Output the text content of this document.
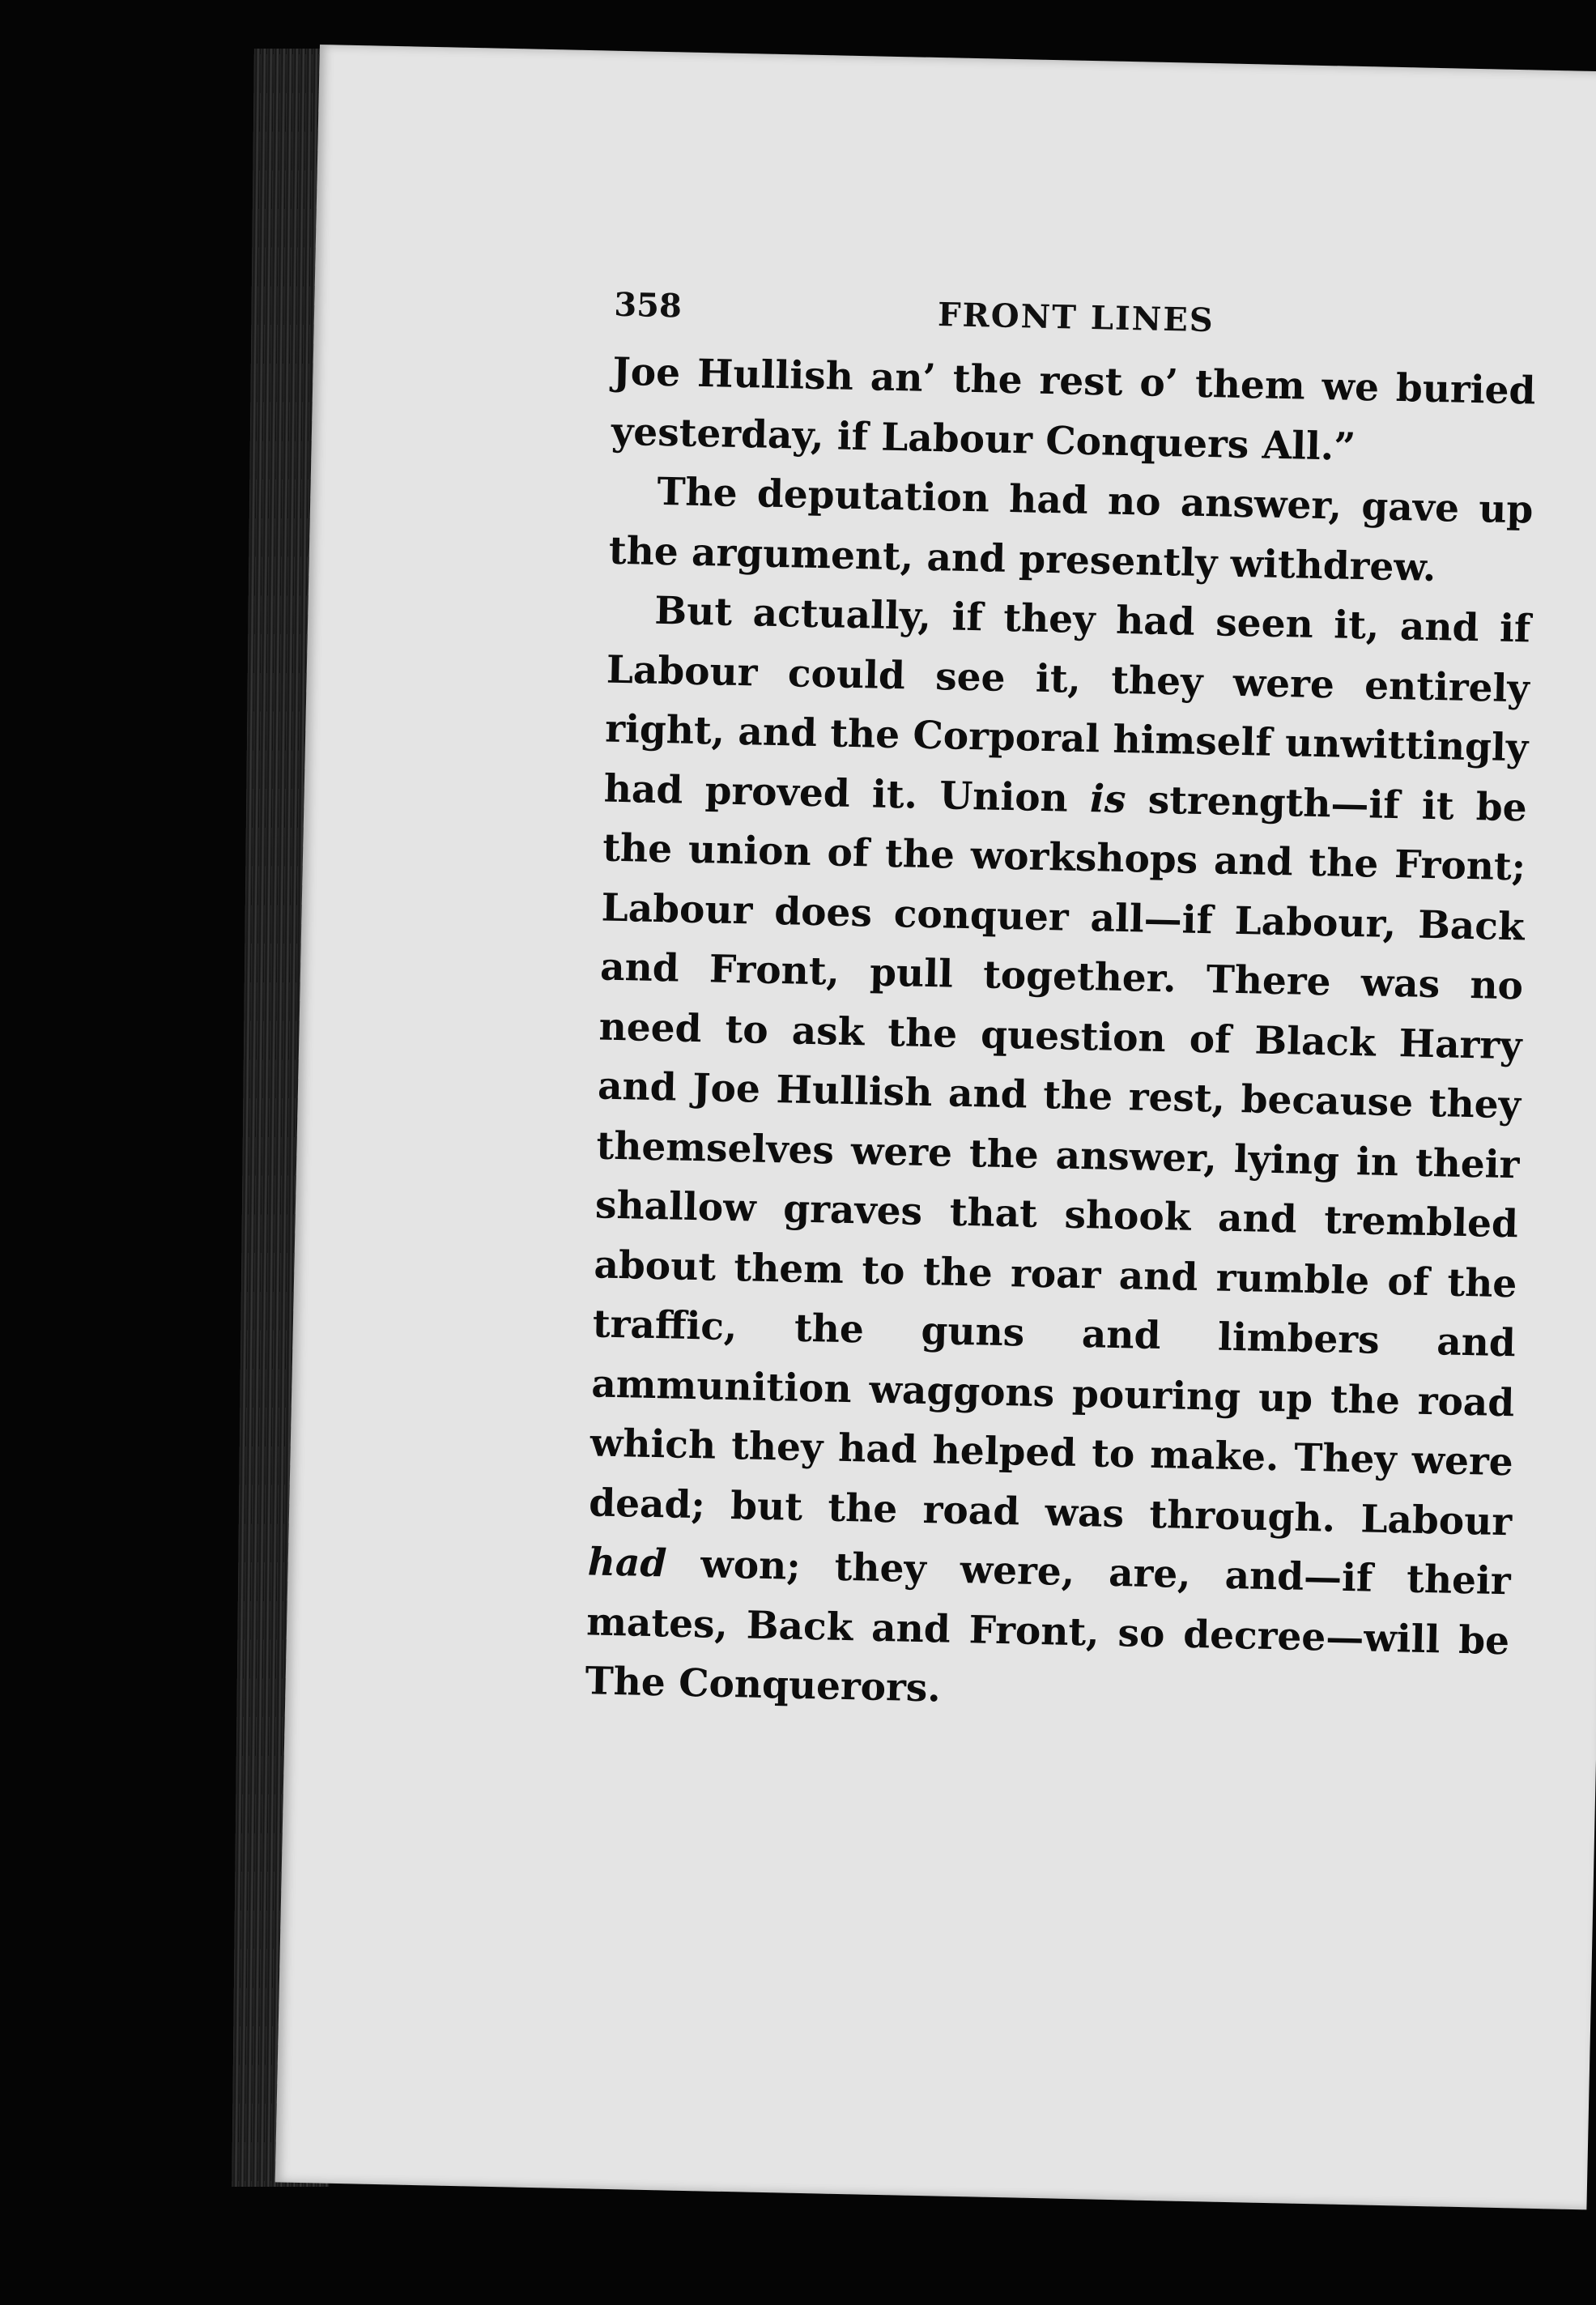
358	FRONT LINES

Joe Hullish an’ the rest o’ them we buried yesterday, if Labour Conquers All.”

The deputation had no answer, gave up the argument, and presently withdrew.

But actually, if they had seen it, and if Labour could see it, they were entirely right, and the Corporal himself unwittingly had proved it. Union is strength—if it be the union of the workshops and the Front; Labour does conquer all—if Labour, Back and Front, pull together. There was no need to ask the question of Black Harry and Joe Hullish and the rest, because they themselves were the answer, lying in their shallow graves that shook and trembled about them to the roar and rumble of the traffic, the guns and limbers and ammunition waggons pouring up the road which they had helped to make. They were dead; but the road was through. Labour had won; they were, are, and—if their mates, Back and Front, so decree—will be The Conquerors.
